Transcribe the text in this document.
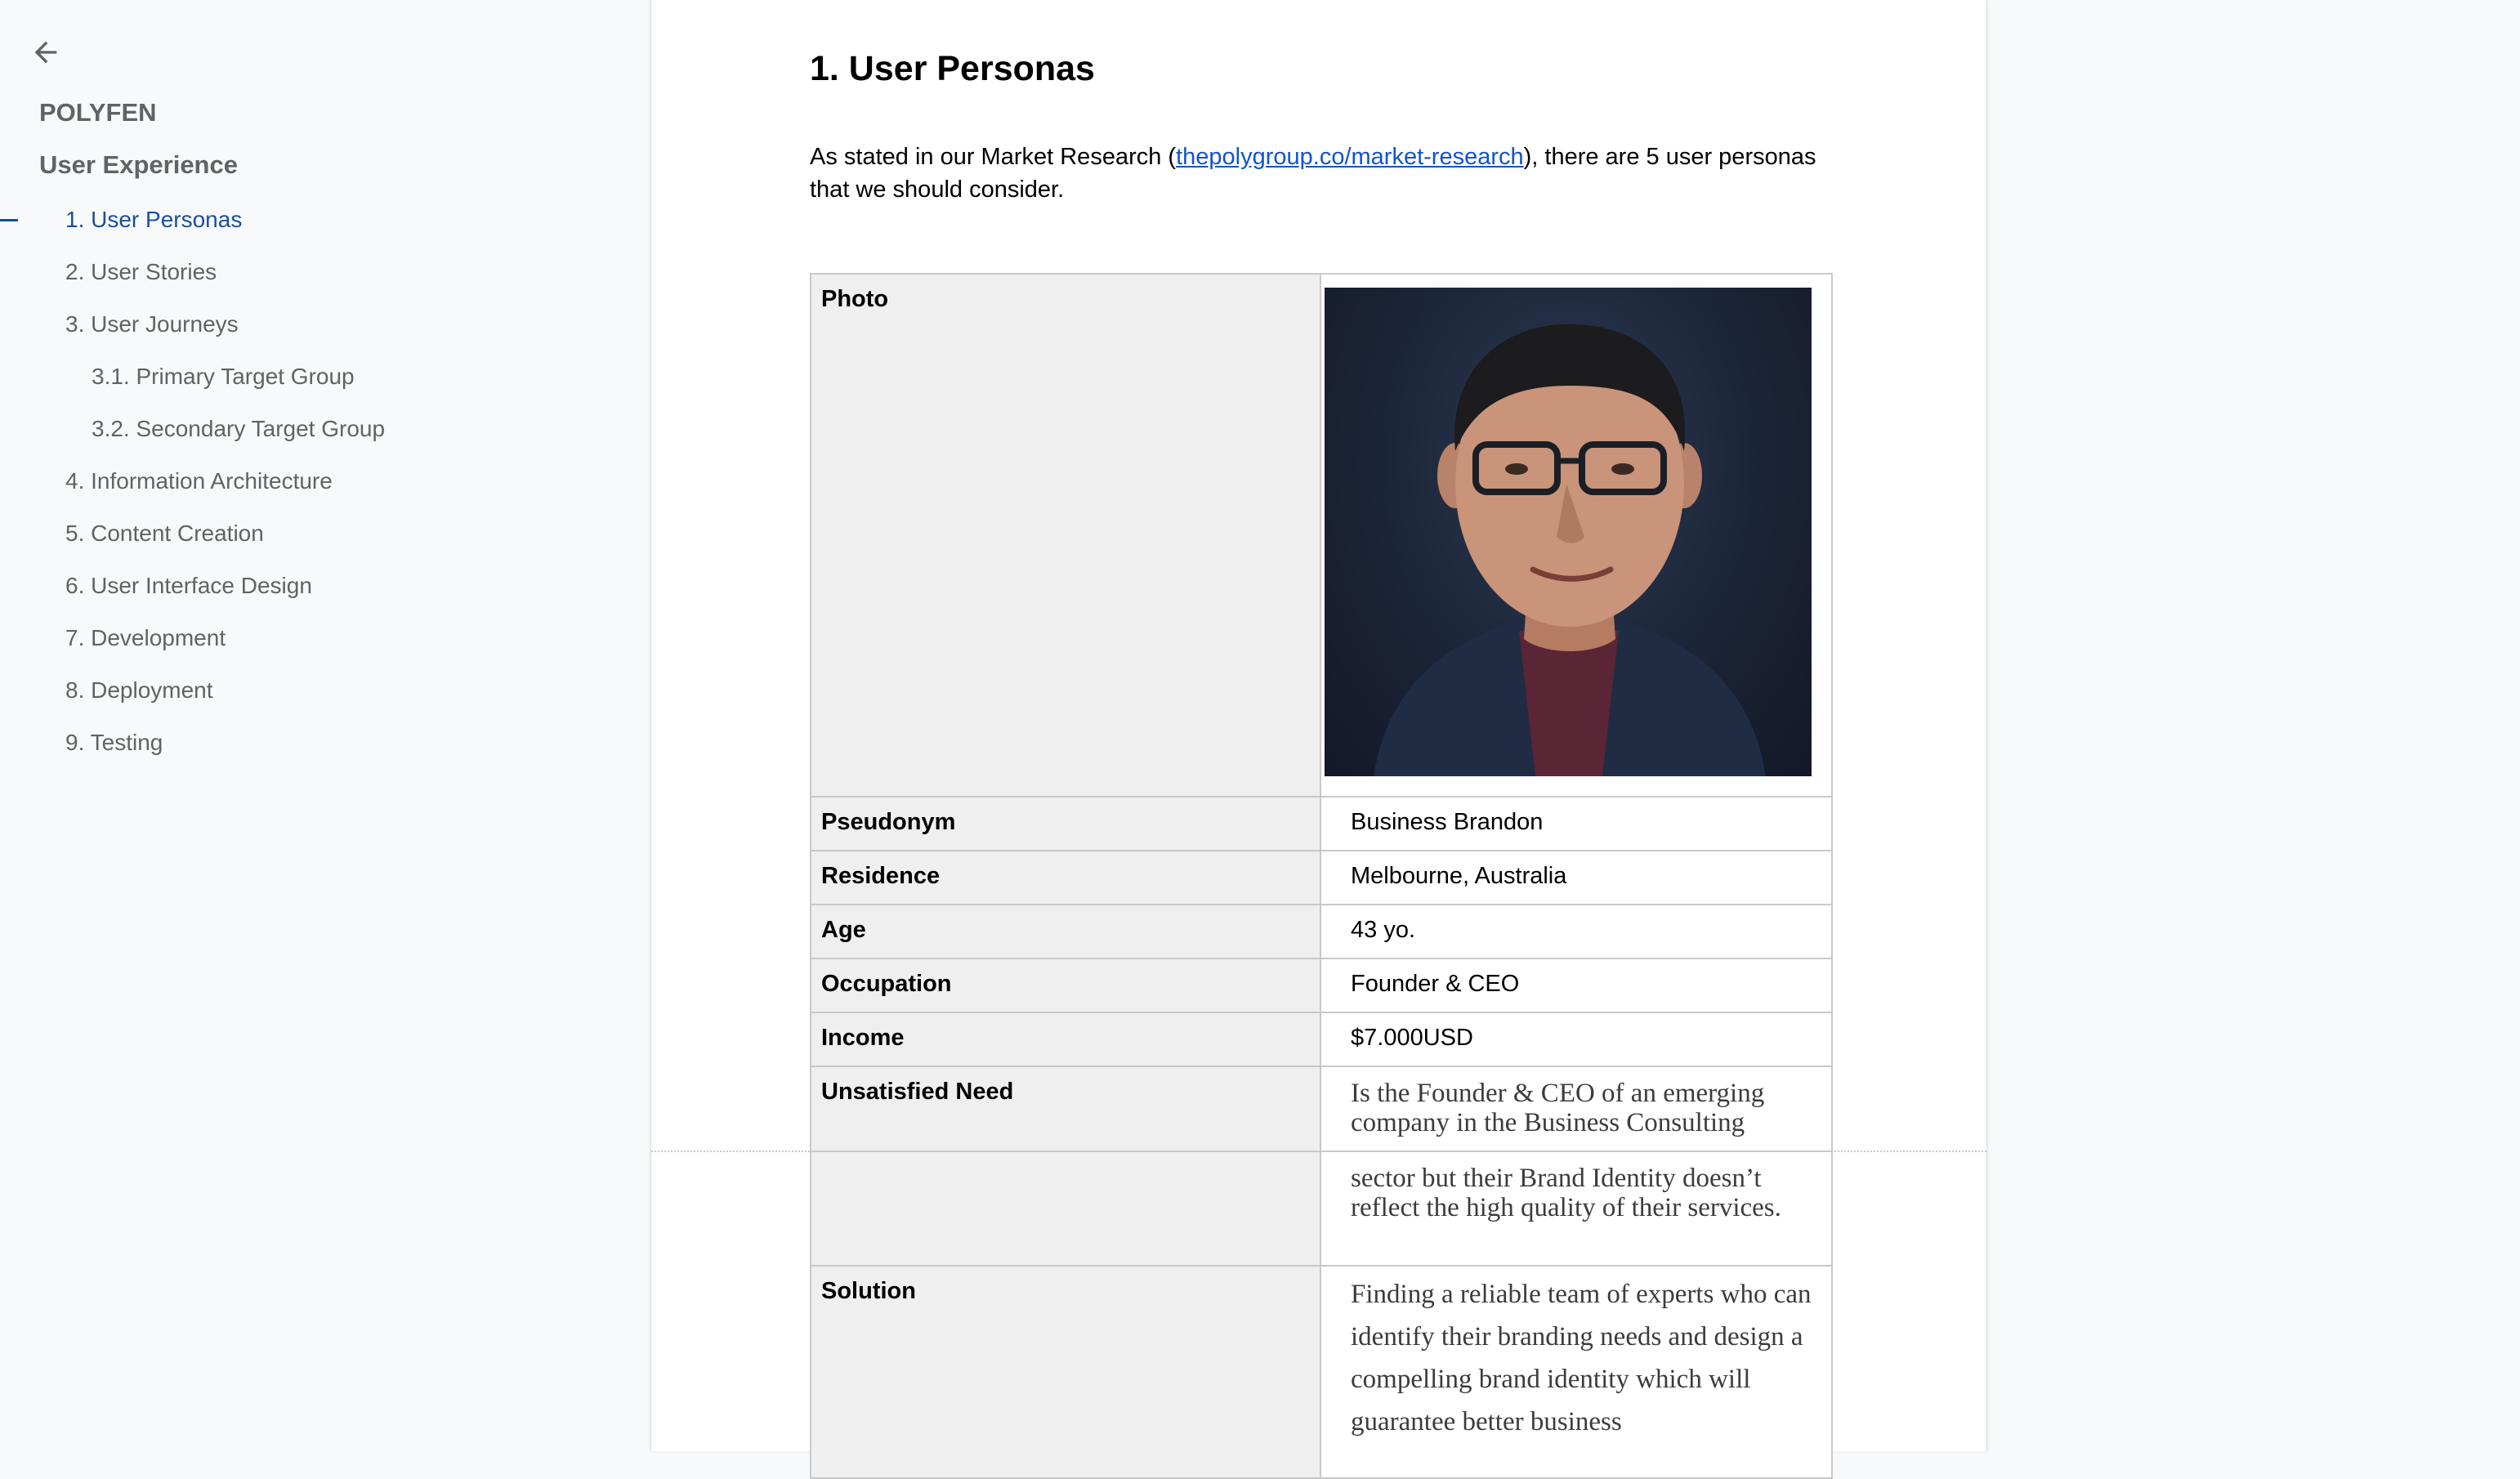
POLYFEN
User Experience
1. User Personas
2. User Stories
3. User Journeys
3.1. Primary Target Group
3.2. Secondary Target Group
4. Information Architecture
5. Content Creation
6. User Interface Design
7. Development
8. Deployment
9. Testing
1. User Personas

As stated in our Market Research (thepolygroup.co/market-research), there are 5 user personas that we should consider.

Photo	

Pseudonym	Business Brandon
Residence	Melbourne, Australia
Age	43 yo.
Occupation	Founder & CEO
Income	$7.000USD
Unsatisfied Need	Is the Founder & CEO of an emerging company in the Business Consulting
	sector but their Brand Identity doesn’t reflect the high quality of their services.
Solution	Finding a reliable team of experts who can identify their branding needs and design a compelling brand identity which will guarantee better business
